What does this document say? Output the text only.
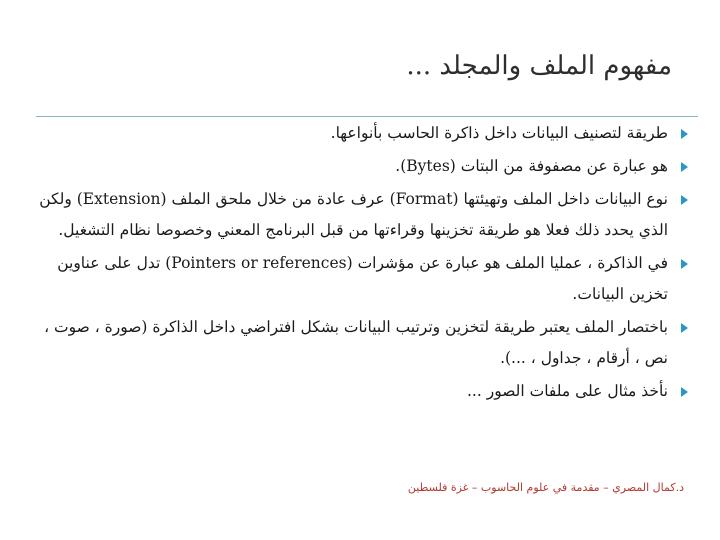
مفهوم الملف والمجلد ...
طريقة لتصنيف البيانات داخل ذاكرة الحاسب بأنواعها.
هو عبارة عن مصفوفة من البتات (Bytes).
نوع البيانات داخل الملف وتهيئتها (Format) عرف عادة من خلال ملحق الملف (Extension) ولكن الذي يحدد ذلك فعلا هو طريقة تخزينها وقراءتها من قبل البرنامج المعني وخصوصا نظام التشغيل.
في الذاكرة ، عمليا الملف هو عبارة عن مؤشرات (Pointers or references) تدل على عناوين تخزين البيانات.
باختصار الملف يعتبر طريقة لتخزين وترتيب البيانات بشكل افتراضي داخل الذاكرة (صورة ، صوت ، نص ، أرقام ، جداول ، ...).
نأخذ مثال على ملفات الصور ...
د.كمال المصري – مقدمة في علوم الحاسوب – غزة فلسطين
